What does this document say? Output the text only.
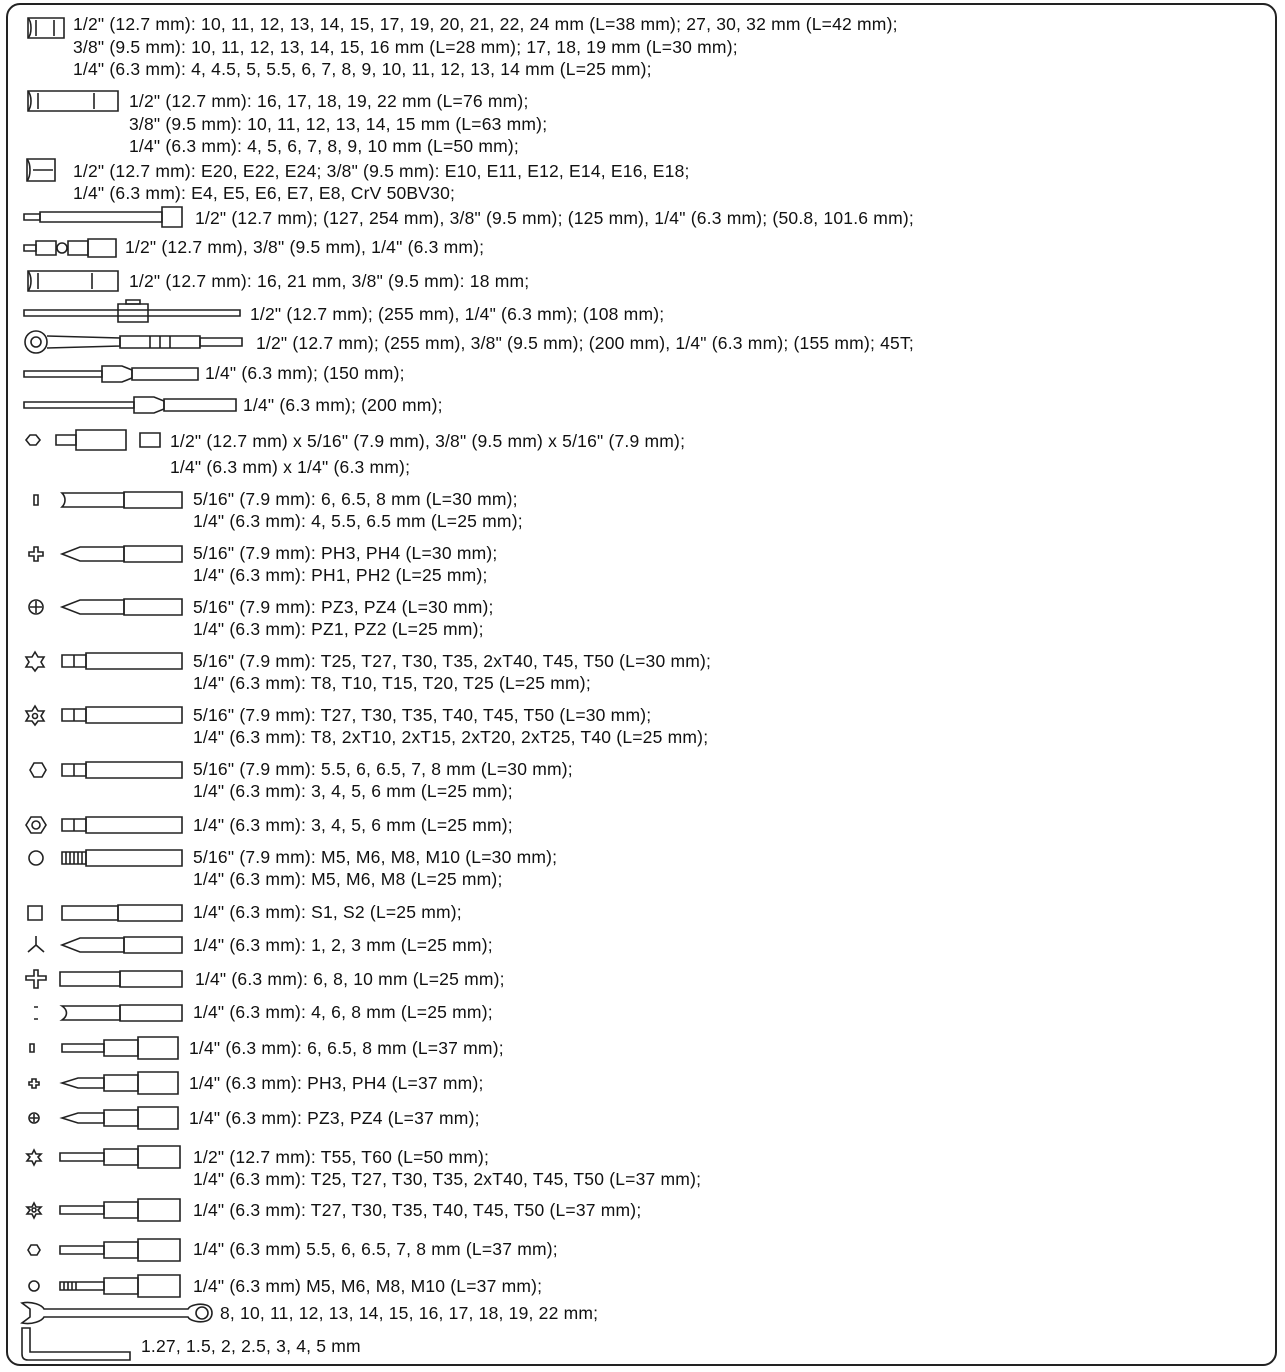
1/2" (12.7 mm): 10, 11, 12, 13, 14, 15, 17, 19, 20, 21, 22, 24 mm (L=38 mm); 27, 30, 32 mm (L=42 mm);
3/8" (9.5 mm): 10, 11, 12, 13, 14, 15, 16 mm (L=28 mm); 17, 18, 19 mm (L=30 mm);
1/4" (6.3 mm): 4, 4.5, 5, 5.5, 6, 7, 8, 9, 10, 11, 12, 13, 14 mm (L=25 mm);
1/2" (12.7 mm): 16, 17, 18, 19, 22 mm (L=76 mm);
3/8" (9.5 mm): 10, 11, 12, 13, 14, 15 mm (L=63 mm);
1/4" (6.3 mm): 4, 5, 6, 7, 8, 9, 10 mm (L=50 mm);
1/2" (12.7 mm): E20, E22, E24; 3/8" (9.5 mm): E10, E11, E12, E14, E16, E18;
1/4" (6.3 mm): E4, E5, E6, E7, E8, CrV 50BV30;
1/2" (12.7 mm); (127, 254 mm), 3/8" (9.5 mm); (125 mm), 1/4" (6.3 mm); (50.8, 101.6 mm);
1/2" (12.7 mm), 3/8" (9.5 mm), 1/4" (6.3 mm);
1/2" (12.7 mm): 16, 21 mm, 3/8" (9.5 mm): 18 mm;
1/2" (12.7 mm); (255 mm), 1/4" (6.3 mm); (108 mm);
1/2" (12.7 mm); (255 mm), 3/8" (9.5 mm); (200 mm), 1/4" (6.3 mm); (155 mm); 45T;
1/4" (6.3 mm); (150 mm);
1/4" (6.3 mm); (200 mm);
1/2" (12.7 mm) x 5/16" (7.9 mm), 3/8" (9.5 mm) x 5/16" (7.9 mm);
1/4" (6.3 mm) x 1/4" (6.3 mm);
5/16" (7.9 mm): 6, 6.5, 8 mm (L=30 mm);
1/4" (6.3 mm): 4, 5.5, 6.5 mm (L=25 mm);
5/16" (7.9 mm): PH3, PH4 (L=30 mm);
1/4" (6.3 mm): PH1, PH2 (L=25 mm);
5/16" (7.9 mm): PZ3, PZ4 (L=30 mm);
1/4" (6.3 mm): PZ1, PZ2 (L=25 mm);
5/16" (7.9 mm): T25, T27, T30, T35, 2xT40, T45, T50 (L=30 mm);
1/4" (6.3 mm): T8, T10, T15, T20, T25 (L=25 mm);
5/16" (7.9 mm): T27, T30, T35, T40, T45, T50 (L=30 mm);
1/4" (6.3 mm): T8, 2xT10, 2xT15, 2xT20, 2xT25, T40 (L=25 mm);
5/16" (7.9 mm): 5.5, 6, 6.5, 7, 8 mm (L=30 mm);
1/4" (6.3 mm): 3, 4, 5, 6 mm (L=25 mm);
1/4" (6.3 mm): 3, 4, 5, 6 mm (L=25 mm);
5/16" (7.9 mm): M5, M6, M8, M10 (L=30 mm);
1/4" (6.3 mm): M5, M6, M8 (L=25 mm);
1/4" (6.3 mm): S1, S2 (L=25 mm);
1/4" (6.3 mm): 1, 2, 3 mm (L=25 mm);
1/4" (6.3 mm): 6, 8, 10 mm (L=25 mm);
1/4" (6.3 mm): 4, 6, 8 mm (L=25 mm);
1/4" (6.3 mm): 6, 6.5, 8 mm (L=37 mm);
1/4" (6.3 mm): PH3, PH4 (L=37 mm);
1/4" (6.3 mm): PZ3, PZ4 (L=37 mm);
1/2" (12.7 mm): T55, T60 (L=50 mm);
1/4" (6.3 mm): T25, T27, T30, T35, 2xT40, T45, T50 (L=37 mm);
1/4" (6.3 mm): T27, T30, T35, T40, T45, T50 (L=37 mm);
1/4" (6.3 mm) 5.5, 6, 6.5, 7, 8 mm (L=37 mm);
1/4" (6.3 mm) M5, M6, M8, M10 (L=37 mm);
8, 10, 11, 12, 13, 14, 15, 16, 17, 18, 19, 22 mm;
1.27, 1.5, 2, 2.5, 3, 4, 5 mm
